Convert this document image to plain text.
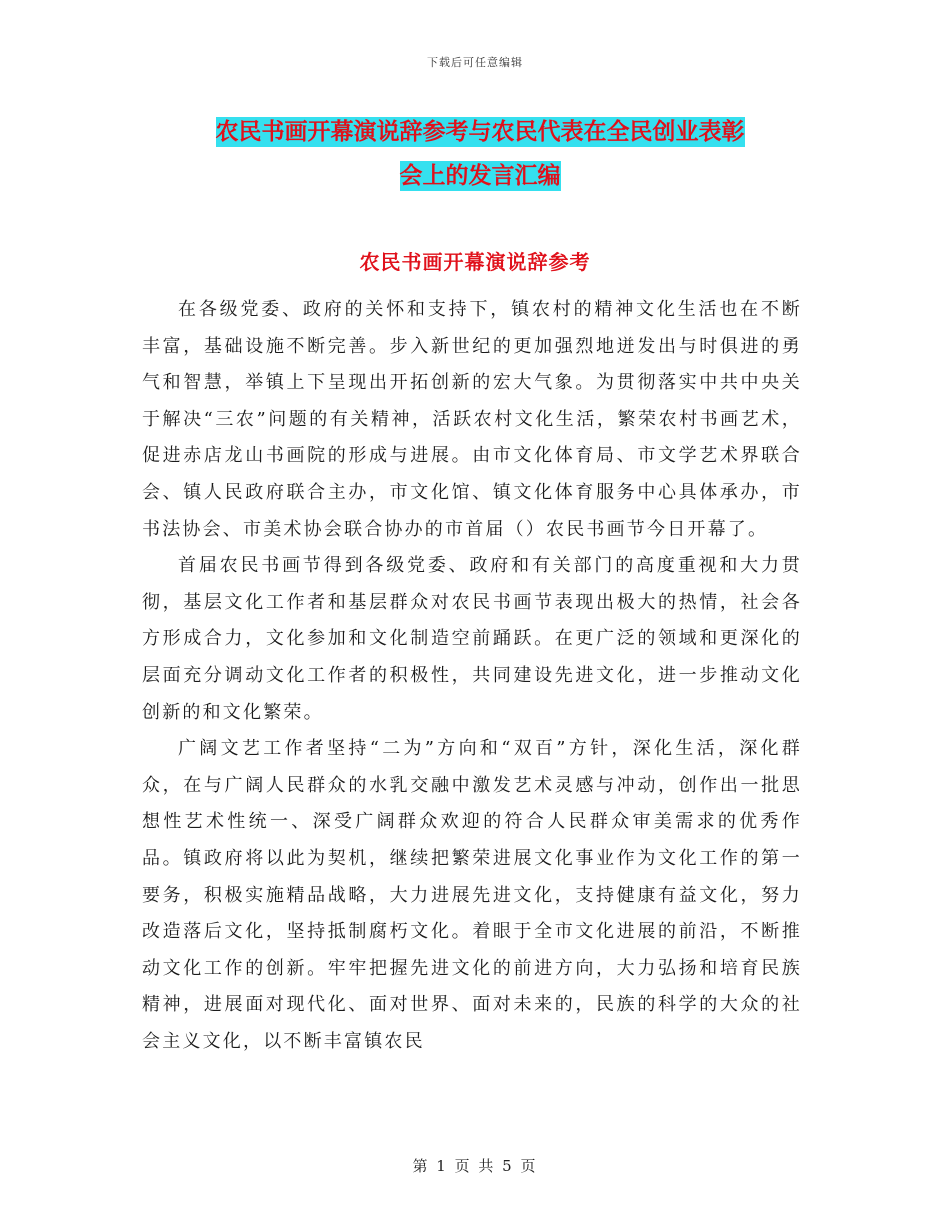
下载后可任意编辑
农民书画开幕演说辞参考与农民代表在全民创业表彰
会上的发言汇编
农民书画开幕演说辞参考

在各级党委、政府的关怀和支持下，镇农村的精神文化生活也在不断丰富，基础设施不断完善。步入新世纪的更加强烈地迸发出与时俱进的勇气和智慧，举镇上下呈现出开拓创新的宏大气象。为贯彻落实中共中央关于解决“三农”问题的有关精神，活跃农村文化生活，繁荣农村书画艺术，促进赤店龙山书画院的形成与进展。由市文化体育局、市文学艺术界联合会、镇人民政府联合主办，市文化馆、镇文化体育服务中心具体承办，市书法协会、市美术协会联合协办的市首届（）农民书画节今日开幕了。

首届农民书画节得到各级党委、政府和有关部门的高度重视和大力贯彻，基层文化工作者和基层群众对农民书画节表现出极大的热情，社会各方形成合力，文化参加和文化制造空前踊跃。在更广泛的领域和更深化的层面充分调动文化工作者的积极性，共同建设先进文化，进一步推动文化创新的和文化繁荣。

广阔文艺工作者坚持“二为”方向和“双百”方针，深化生活，深化群众，在与广阔人民群众的水乳交融中激发艺术灵感与冲动，创作出一批思想性艺术性统一、深受广阔群众欢迎的符合人民群众审美需求的优秀作品。镇政府将以此为契机，继续把繁荣进展文化事业作为文化工作的第一要务，积极实施精品战略，大力进展先进文化，支持健康有益文化，努力改造落后文化，坚持抵制腐朽文化。着眼于全市文化进展的前沿，不断推动文化工作的创新。牢牢把握先进文化的前进方向，大力弘扬和培育民族精神，进展面对现代化、面对世界、面对未来的，民族的科学的大众的社会主义文化，以不断丰富镇农民

第 1 页 共 5 页
